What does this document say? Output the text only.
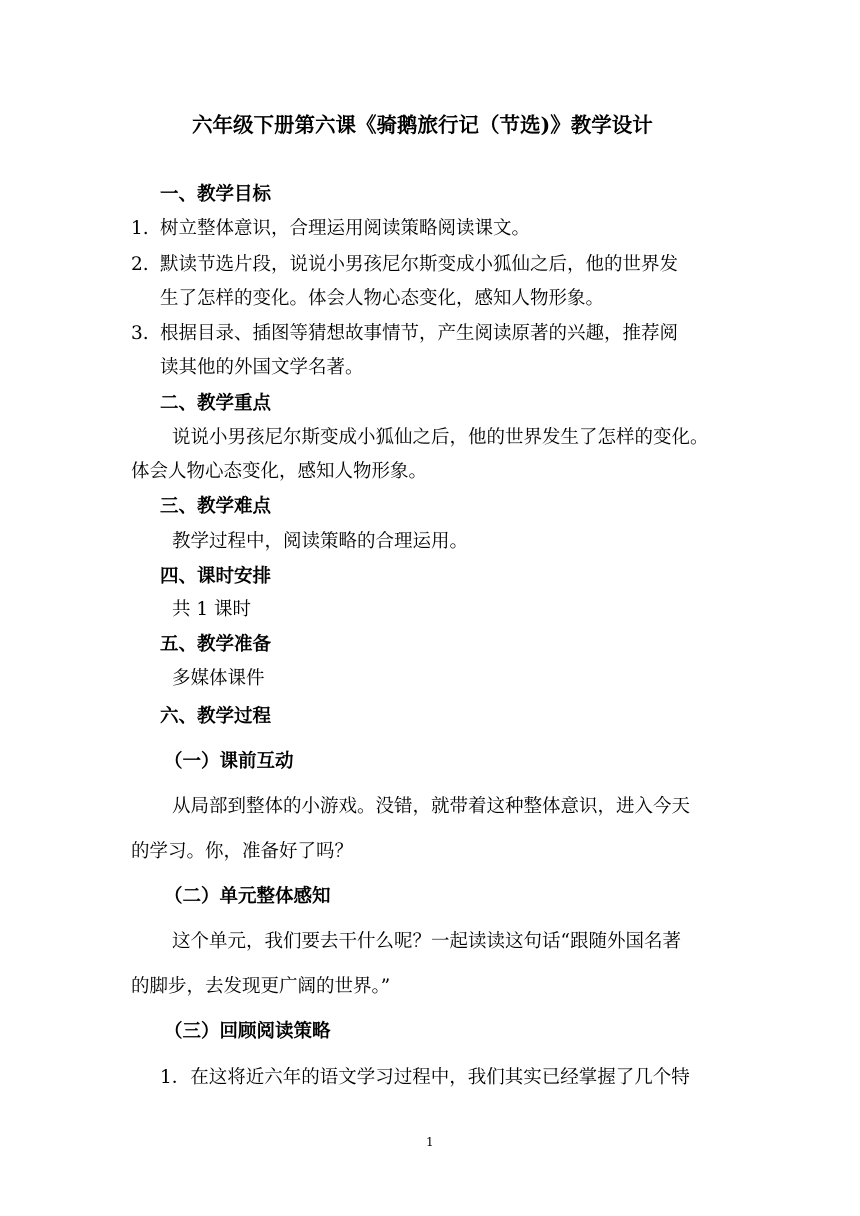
六年级下册第六课《骑鹅旅行记（节选)》教学设计
一、教学目标
1. 树立整体意识，合理运用阅读策略阅读课文。
2. 默读节选片段，说说小男孩尼尔斯变成小狐仙之后，他的世界发
生了怎样的变化。体会人物心态变化，感知人物形象。
3. 根据目录、插图等猜想故事情节，产生阅读原著的兴趣，推荐阅
读其他的外国文学名著。
二、教学重点
说说小男孩尼尔斯变成小狐仙之后，他的世界发生了怎样的变化。
体会人物心态变化，感知人物形象。
三、教学难点
教学过程中，阅读策略的合理运用。
四、课时安排
共 1 课时
五、教学准备
多媒体课件
六、教学过程
（一）课前互动
从局部到整体的小游戏。没错，就带着这种整体意识，进入今天
的学习。你，准备好了吗？
（二）单元整体感知
这个单元，我们要去干什么呢？一起读读这句话“跟随外国名著
的脚步，去发现更广阔的世界。”
（三）回顾阅读策略
1．在这将近六年的语文学习过程中，我们其实已经掌握了几个特
1
